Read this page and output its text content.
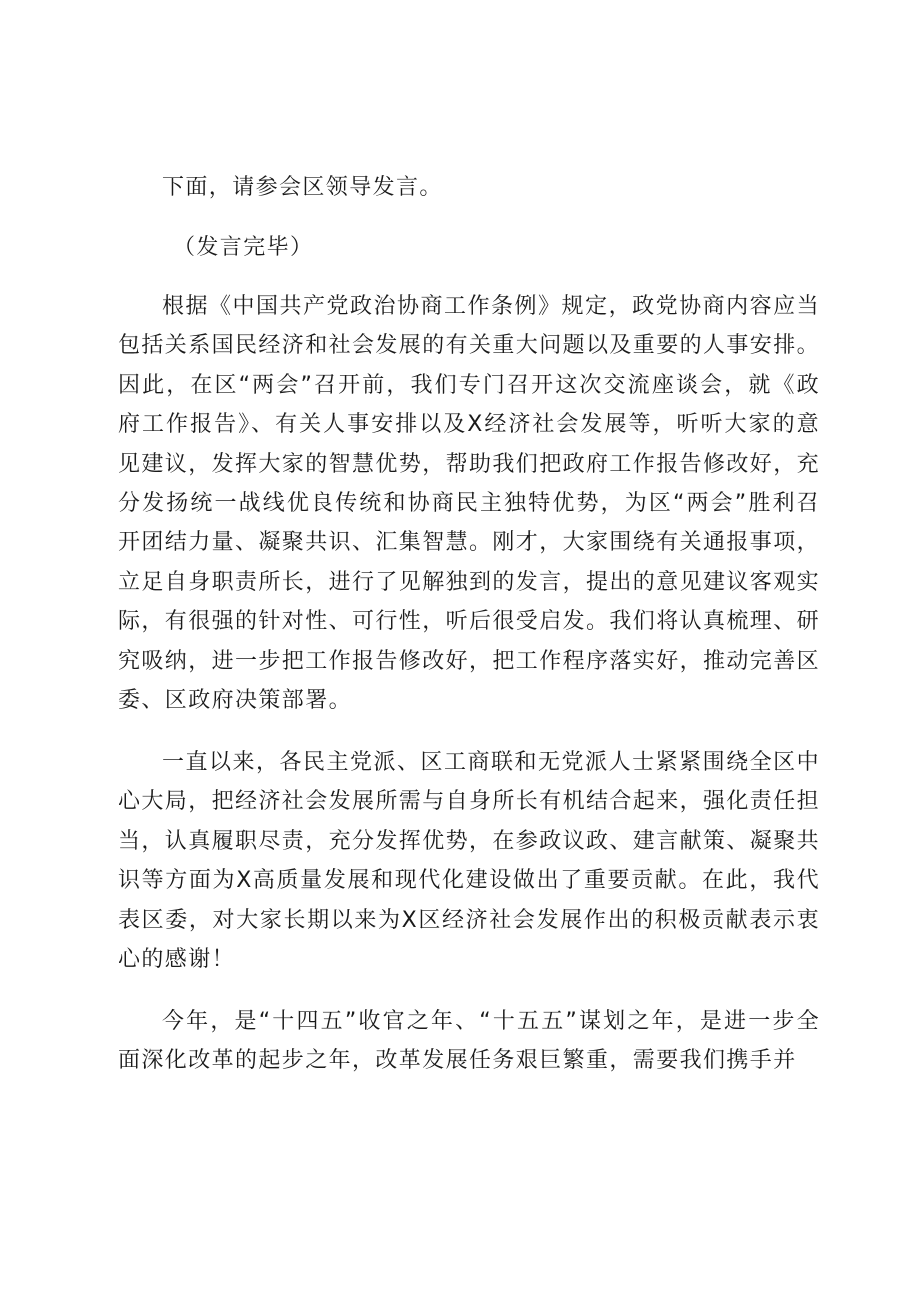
下面，请参会区领导发言。

（发言完毕）

根据《中国共产党政治协商工作条例》规定，政党协商内容应当包括关系国民经济和社会发展的有关重大问题以及重要的人事安排。因此，在区“两会”召开前，我们专门召开这次交流座谈会，就《政府工作报告》、有关人事安排以及X经济社会发展等，听听大家的意见建议，发挥大家的智慧优势，帮助我们把政府工作报告修改好，充分发扬统一战线优良传统和协商民主独特优势，为区“两会”胜利召开团结力量、凝聚共识、汇集智慧。刚才，大家围绕有关通报事项，立足自身职责所长，进行了见解独到的发言，提出的意见建议客观实际，有很强的针对性、可行性，听后很受启发。我们将认真梳理、研究吸纳，进一步把工作报告修改好，把工作程序落实好，推动完善区委、区政府决策部署。

一直以来，各民主党派、区工商联和无党派人士紧紧围绕全区中心大局，把经济社会发展所需与自身所长有机结合起来，强化责任担当，认真履职尽责，充分发挥优势，在参政议政、建言献策、凝聚共识等方面为X高质量发展和现代化建设做出了重要贡献。在此，我代表区委，对大家长期以来为X区经济社会发展作出的积极贡献表示衷心的感谢！

今年，是“十四五”收官之年、“十五五”谋划之年，是进一步全面深化改革的起步之年，改革发展任务艰巨繁重，需要我们携手并
